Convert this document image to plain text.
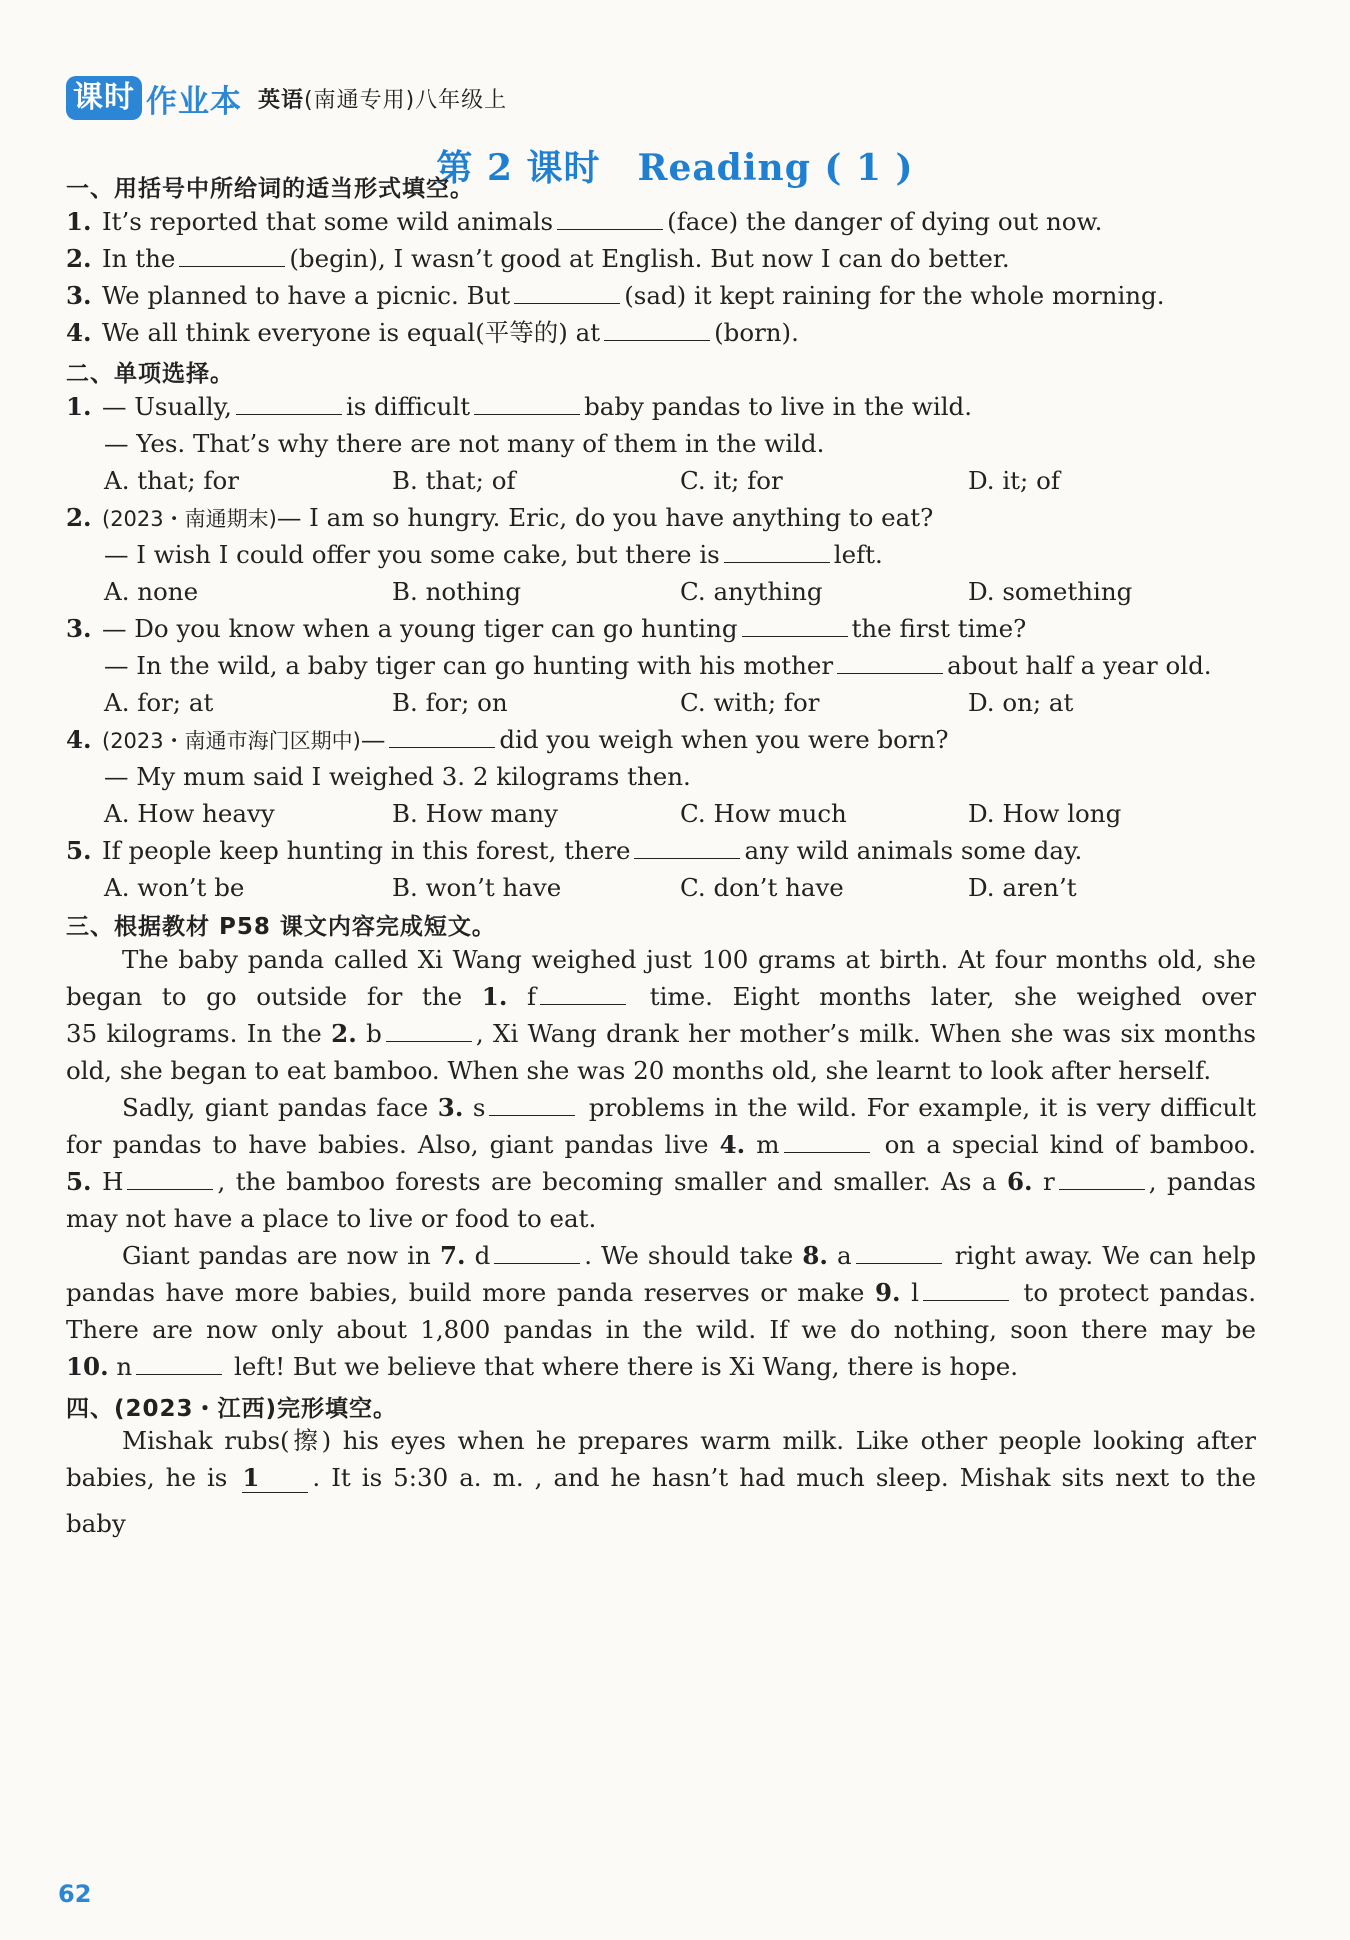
课时 作业本 英语(南通专用)八年级上
第 2 课时　Reading ( 1 )
一、用括号中所给词的适当形式填空。
1. It’s reported that some wild animals	(face) the danger of dying out now.
2. In the	(begin), I wasn’t good at English. But now I can do better.
3. We planned to have a picnic. But	(sad) it kept raining for the whole morning.
4. We all think everyone is equal(平等的) at	(born).
二、单项选择。
1. — Usually,	is difficult	baby pandas to live in the wild.
— Yes. That’s why there are not many of them in the wild.
A. that; for	B. that; of	C. it; for	D. it; of
2. (2023・南通期末)— I am so hungry. Eric, do you have anything to eat?
— I wish I could offer you some cake, but there is	left.
A. none	B. nothing	C. anything	D. something
3. — Do you know when a young tiger can go hunting	the first time?
— In the wild, a baby tiger can go hunting with his mother	about half a year old.
A. for; at	B. for; on	C. with; for	D. on; at
4. (2023・南通市海门区期中)—	did you weigh when you were born?
— My mum said I weighed 3. 2 kilograms then.
A. How heavy	B. How many	C. How much	D. How long
5. If people keep hunting in this forest, there	any wild animals some day.
A. won’t be	B. won’t have	C. don’t have	D. aren’t
三、根据教材 P58 课文内容完成短文。
The baby panda called Xi Wang weighed just 100 grams at birth. At four months old, she
began to go outside for the 1. f	time. Eight months later, she weighed over
35 kilograms. In the 2. b	, Xi Wang drank her mother’s milk. When she was six months
old, she began to eat bamboo. When she was 20 months old, she learnt to look after herself.
Sadly, giant pandas face 3. s	problems in the wild. For example, it is very difficult
for pandas to have babies. Also, giant pandas live 4. m	on a special kind of bamboo.
5. H	, the bamboo forests are becoming smaller and smaller. As a 6. r	, pandas
may not have a place to live or food to eat.
Giant pandas are now in 7. d	. We should take 8. a	right away. We can help
pandas have more babies, build more panda reserves or make 9. l	to protect pandas.
There are now only about 1,800 pandas in the wild. If we do nothing, soon there may be
10. n	left! But we believe that where there is Xi Wang, there is hope.
四、(2023・江西)完形填空。
Mishak rubs(擦) his eyes when he prepares warm milk. Like other people looking after
babies, he is 1 . It is 5:30 a. m. , and he hasn’t had much sleep. Mishak sits next to the baby
62
